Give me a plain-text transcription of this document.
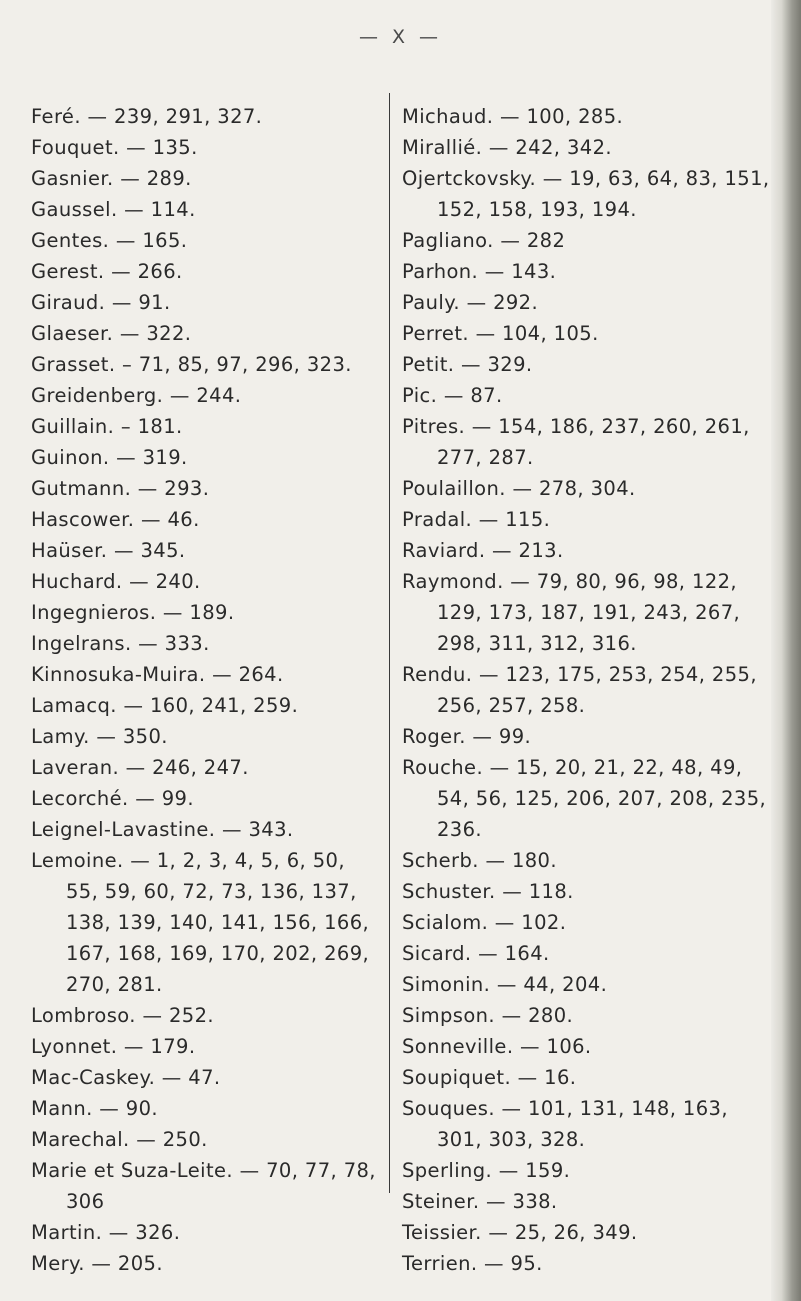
— X —
Feré. — 239, 291, 327.
Fouquet. — 135.
Gasnier. — 289.
Gaussel. — 114.
Gentes. — 165.
Gerest. — 266.
Giraud. — 91.
Glaeser. — 322.
Grasset. – 71, 85, 97, 296, 323.
Greidenberg. — 244.
Guillain. – 181.
Guinon. — 319.
Gutmann. — 293.
Hascower. — 46.
Haüser. — 345.
Huchard. — 240.
Ingegnieros. — 189.
Ingelrans. — 333.
Kinnosuka-Muira. — 264.
Lamacq. — 160, 241, 259.
Lamy. — 350.
Laveran. — 246, 247.
Lecorché. — 99.
Leignel-Lavastine. — 343.
Lemoine. — 1, 2, 3, 4, 5, 6, 50, 55, 59, 60, 72, 73, 136, 137, 138, 139, 140, 141, 156, 166, 167, 168, 169, 170, 202, 269, 270, 281.
Lombroso. — 252.
Lyonnet. — 179.
Mac-Caskey. — 47.
Mann. — 90.
Marechal. — 250.
Marie et Suza-Leite. — 70, 77, 78, 306
Martin. — 326.
Mery. — 205.
Michaud. — 100, 285.
Mirallié. — 242, 342.
Ojertckovsky. — 19, 63, 64, 83, 151, 152, 158, 193, 194.
Pagliano. — 282
Parhon. — 143.
Pauly. — 292.
Perret. — 104, 105.
Petit. — 329.
Pic. — 87.
Pitres. — 154, 186, 237, 260, 261, 277, 287.
Poulaillon. — 278, 304.
Pradal. — 115.
Raviard. — 213.
Raymond. — 79, 80, 96, 98, 122, 129, 173, 187, 191, 243, 267, 298, 311, 312, 316.
Rendu. — 123, 175, 253, 254, 255, 256, 257, 258.
Roger. — 99.
Rouche. — 15, 20, 21, 22, 48, 49, 54, 56, 125, 206, 207, 208, 235, 236.
Scherb. — 180.
Schuster. — 118.
Scialom. — 102.
Sicard. — 164.
Simonin. — 44, 204.
Simpson. — 280.
Sonneville. — 106.
Soupiquet. — 16.
Souques. — 101, 131, 148, 163, 301, 303, 328.
Sperling. — 159.
Steiner. — 338.
Teissier. — 25, 26, 349.
Terrien. — 95.
